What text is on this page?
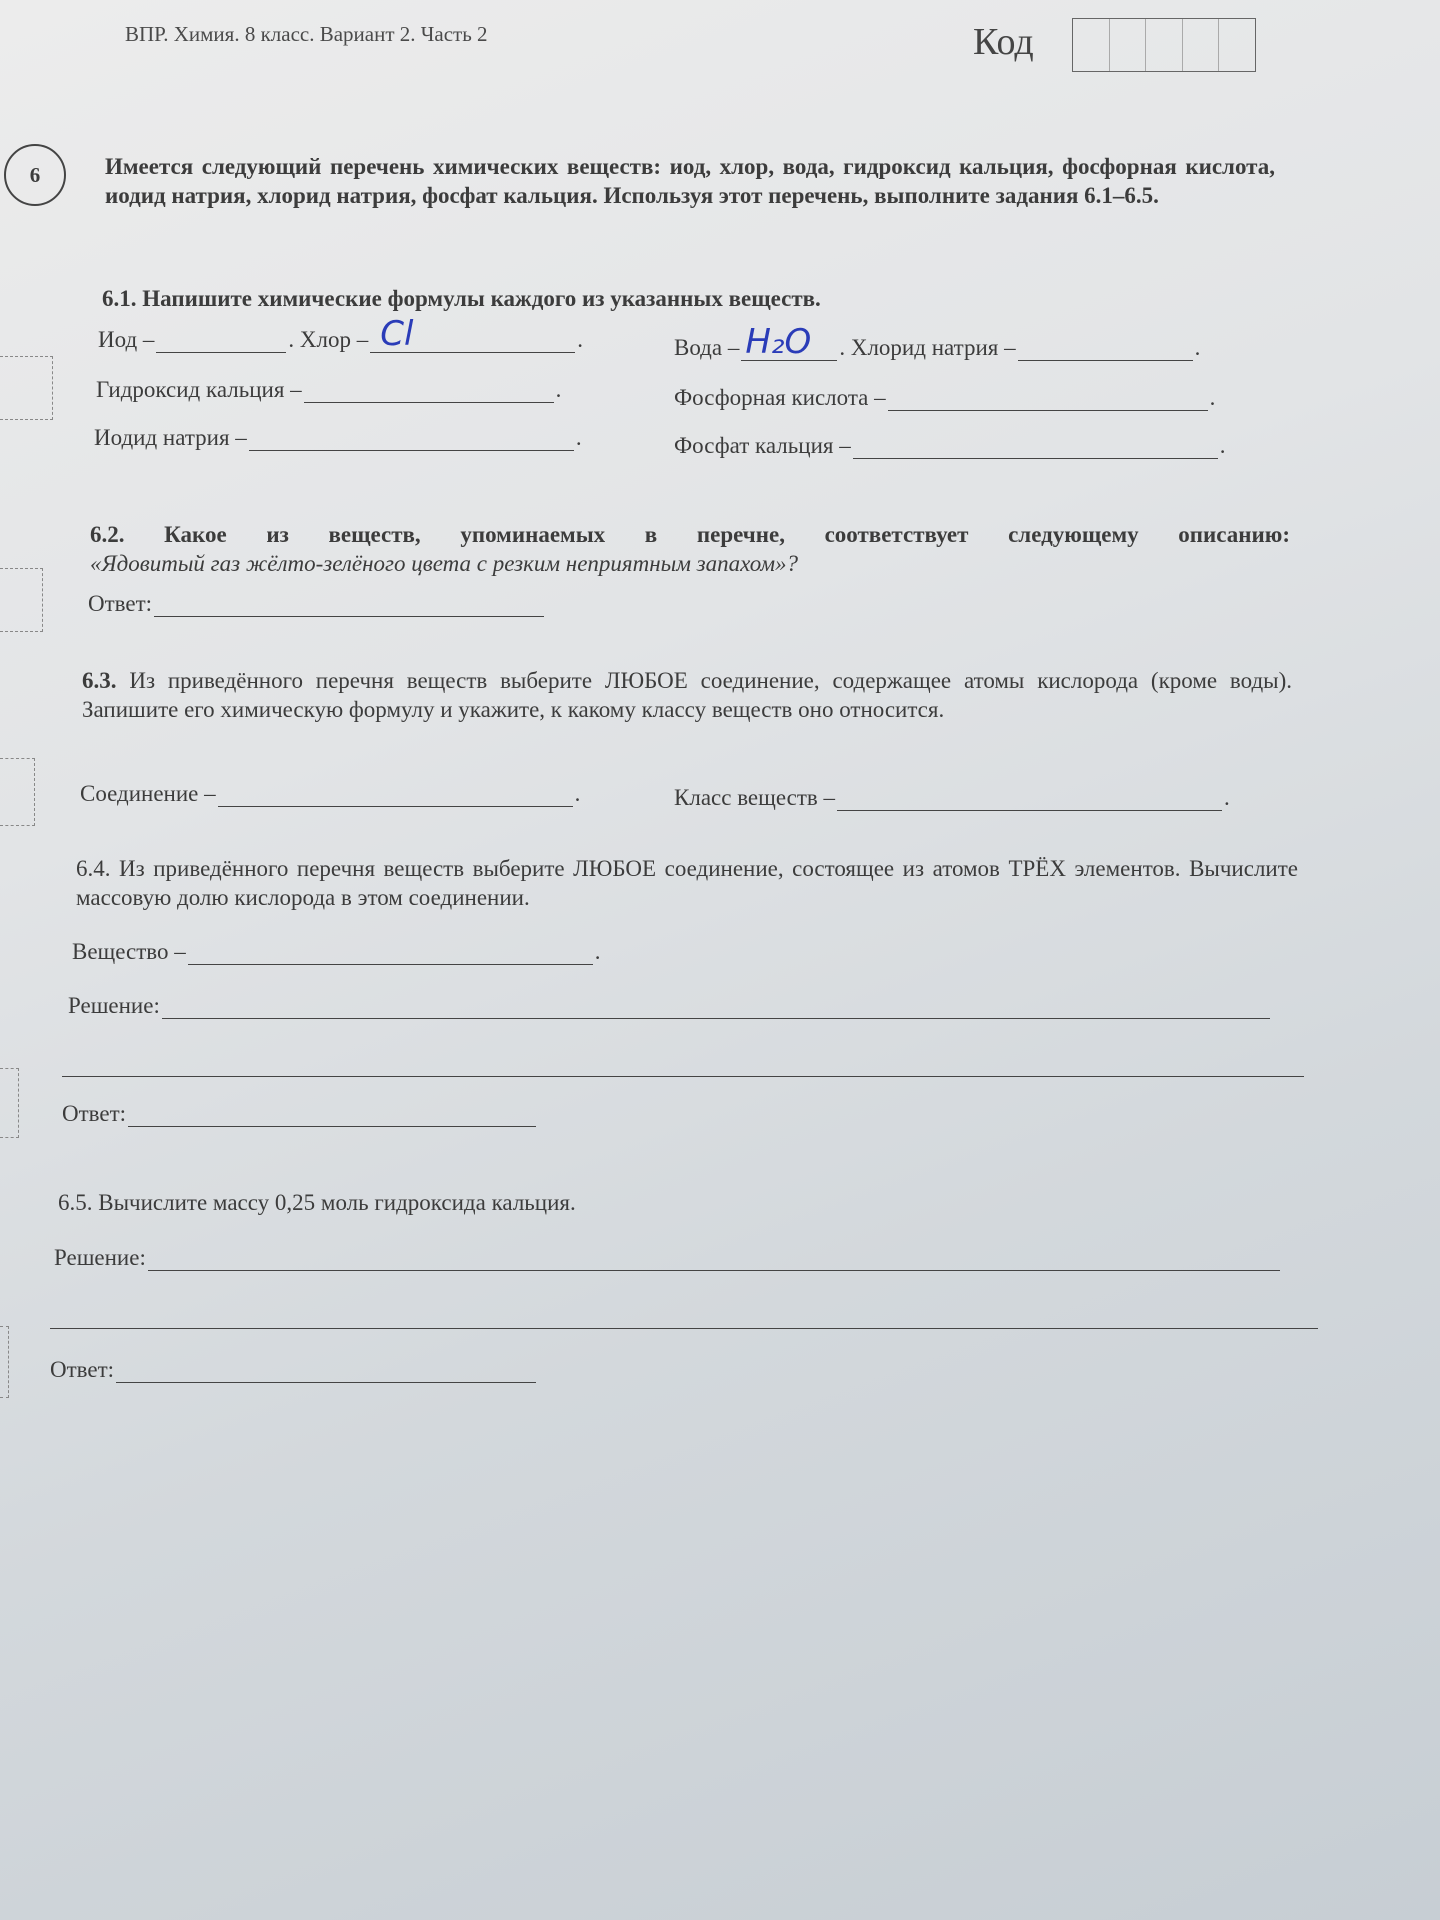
ВПР. Химия. 8 класс. Вариант 2. Часть 2	Код
6	Имеется следующий перечень химических веществ: иод, хлор, вода, гидроксид кальция, фосфорная кислота, иодид натрия, хлорид натрия, фосфат кальция. Используя этот перечень, выполните задания 6.1–6.5.
6.1. Напишите химические формулы каждого из указанных веществ.
Иод –	. Хлор – Cl	.	Вода – H₂O . Хлорид натрия –	.
Гидроксид кальция –	.	Фосфорная кислота –	.
Иодид натрия –	.	Фосфат кальция –	.
6.2. Какое из веществ, упоминаемых в перечне, соответствует следующему описанию:
«Ядовитый газ жёлто-зелёного цвета с резким неприятным запахом»?
Ответ:
6.3. Из приведённого перечня веществ выберите ЛЮБОЕ соединение, содержащее атомы кислорода (кроме воды). Запишите его химическую формулу и укажите, к какому классу веществ оно относится.
Соединение –	.	Класс веществ –	.
6.4. Из приведённого перечня веществ выберите ЛЮБОЕ соединение, состоящее из атомов ТРЁХ элементов. Вычислите массовую долю кислорода в этом соединении.
Вещество –	.
Решение:
Ответ:
6.5. Вычислите массу 0,25 моль гидроксида кальция.
Решение:
Ответ:
